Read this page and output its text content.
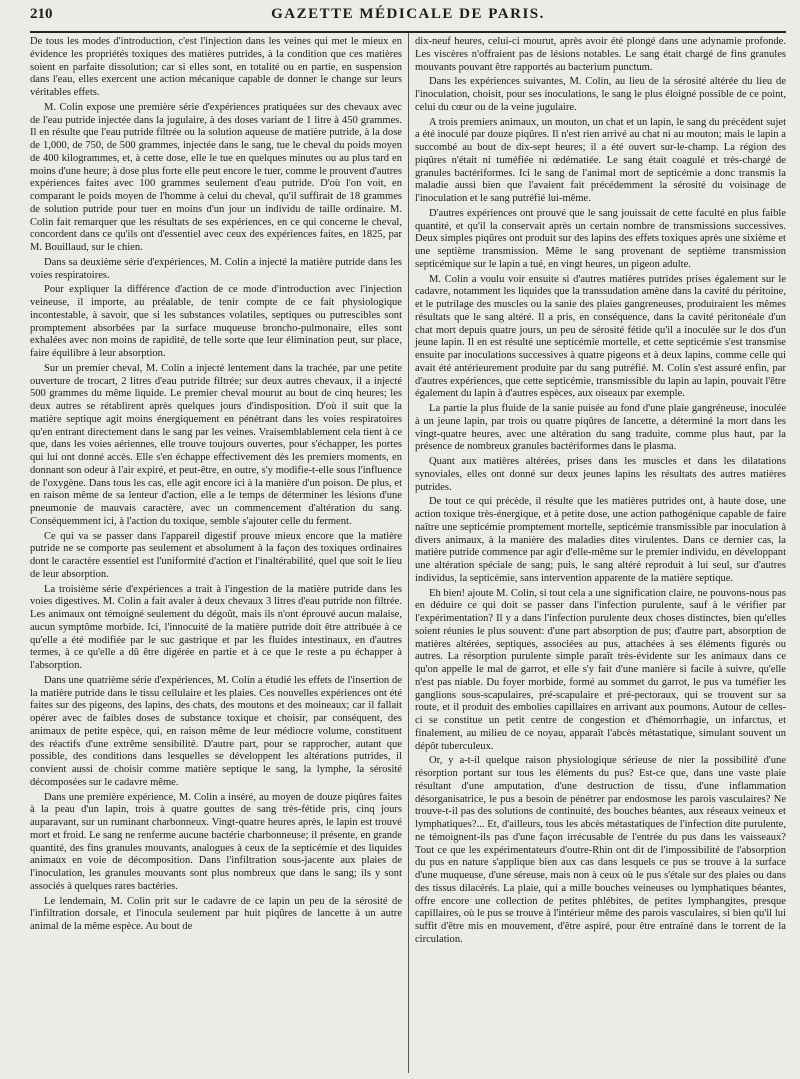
210	GAZETTE MÉDICALE DE PARIS.

De tous les modes d'introduction, c'est l'injection dans les veines qui met le mieux en évidence les propriétés toxiques des matières putrides, à la condition que ces matières soient en parfaite dissolution; car si elles sont, en totalité ou en partie, en suspension dans l'eau, elles exercent une action mécanique capable de donner le change sur leurs véritables effets.

M. Colin expose une première série d'expériences pratiquées sur des chevaux avec de l'eau putride injectée dans la jugulaire, à des doses variant de 1 litre à 450 grammes. Il en résulte que l'eau putride filtrée ou la solution aqueuse de matière putride, à la dose de 1,000, de 750, de 500 grammes, injectée dans le sang, tue le cheval du poids moyen de 400 kilogrammes, et, à cette dose, elle le tue en quelques minutes ou au plus tard en moins d'une heure; à dose plus forte elle peut encore le tuer, comme le prouvent d'autres expériences faites avec 100 grammes seulement d'eau putride. D'où l'on voit, en comparant le poids moyen de l'homme à celui du cheval, qu'il suffirait de 18 grammes de solution putride pour tuer en moins d'un jour un individu de taille ordinaire. M. Colin fait remarquer que les résultats de ses expériences, en ce qui concerne le cheval, concordent dans ce qu'ils ont d'essentiel avec ceux des expériences faites, en 1825, par M. Bouillaud, sur le chien.

Dans sa deuxième série d'expériences, M. Colin a injecté la matière putride dans les voies respiratoires.

Pour expliquer la différence d'action de ce mode d'introduction avec l'injection veineuse, il importe, au préalable, de tenir compte de ce fait physiologique incontestable, à savoir, que si les substances volatiles, septiques ou putrescibles sont promptement absorbées par la surface muqueuse broncho-pulmonaire, elles sont exhalées avec non moins de rapidité, de telle sorte que leur élimination peut, sur place, faire équilibre à leur absorption.

Sur un premier cheval, M. Colin a injecté lentement dans la trachée, par une petite ouverture de trocart, 2 litres d'eau putride filtrée; sur deux autres chevaux, il a injecté 500 grammes du même liquide. Le premier cheval mourut au bout de cinq heures; les deux autres se rétablirent après quelques jours d'indisposition. D'où il suit que la matière septique agit moins énergiquement en pénétrant dans les voies respiratoires qu'en entrant directement dans le sang par les veines. Vraisemblablement cela tient à ce que, dans les voies aériennes, elle trouve toujours ouvertes, pour s'échapper, les portes qui lui ont donné accès. Elle s'en échappe effectivement dès les premiers moments, en donnant son odeur à l'air expiré, et peut-être, en outre, s'y modifie-t-elle sous l'influence de l'oxygène. Dans tous les cas, elle agit encore ici à la manière d'un poison. De plus, et en raison même de sa lenteur d'action, elle a le temps de déterminer les lésions d'une pneumonie de mauvais caractère, avec un commencement d'altération du sang. Conséquemment ici, à l'action du toxique, semble s'ajouter celle du ferment.

Ce qui va se passer dans l'appareil digestif prouve mieux encore que la matière putride ne se comporte pas seulement et absolument à la façon des toxiques ordinaires dont le caractère essentiel est l'uniformité d'action et l'inaltérabilité, quel que soit le lieu de leur absorption.

La troisième série d'expériences a trait à l'ingestion de la matière putride dans les voies digestives. M. Colin a fait avaler à deux chevaux 3 litres d'eau putride non filtrée. Les animaux ont témoigné seulement du dégoût, mais ils n'ont éprouvé aucun malaise, aucun symptôme morbide. Ici, l'innocuité de la matière putride doit être attribuée à ce qu'elle a été modifiée par le suc gastrique et par les fluides intestinaux, en d'autres termes, à ce qu'elle a dû être digérée en partie et à ce que le reste a pu échapper à l'absorption.

Dans une quatrième série d'expériences, M. Colin a étudié les effets de l'insertion de la matière putride dans le tissu cellulaire et les plaies. Ces nouvelles expériences ont été faites sur des pigeons, des lapins, des chats, des moutons et des moineaux; car il fallait opérer avec de faibles doses de substance toxique et choisir, par conséquent, des animaux de petite espèce, qui, en raison même de leur médiocre volume, constituent des réactifs d'une extrême sensibilité. D'autre part, pour se rapprocher, autant que possible, des conditions dans lesquelles se développent les altérations putrides, il convient aussi de choisir comme matière septique le sang, la lymphe, la sérosité décomposées sur le cadavre même.

Dans une première expérience, M. Colin a inséré, au moyen de douze piqûres faites à la peau d'un lapin, trois à quatre gouttes de sang très-fétide pris, cinq jours auparavant, sur un ruminant charbonneux. Vingt-quatre heures après, le lapin est trouvé mort et froid. Le sang ne renferme aucune bactérie charbonneuse; il présente, en grande quantité, des fins granules mouvants, analogues à ceux de la septicémie et des liquides animaux en voie de décomposition. Dans l'infiltration sous-jacente aux plaies de l'inoculation, les granules mouvants sont plus nombreux que dans le sang; ils y sont associés à quelques rares bactéries.

Le lendemain, M. Colin prit sur le cadavre de ce lapin un peu de la sérosité de l'infiltration dorsale, et l'inocula seulement par huit piqûres de lancette à un autre animal de la même espèce. Au bout de

dix-neuf heures, celui-ci mourut, après avoir été plongé dans une adynamie profonde. Les viscères n'offraient pas de lésions notables. Le sang était chargé de fins granules mouvants pouvant être rapportés au bacterium punctum.

Dans les expériences suivantes, M. Colin, au lieu de la sérosité altérée du lieu de l'inoculation, choisit, pour ses inoculations, le sang le plus éloigné possible de ce point, celui du cœur ou de la veine jugulaire.

A trois premiers animaux, un mouton, un chat et un lapin, le sang du précédent sujet a été inoculé par douze piqûres. Il n'est rien arrivé au chat ni au mouton; mais le lapin a succombé au bout de dix-sept heures; il a été ouvert sur-le-champ. La région des piqûres n'était ni tuméfiée ni œdématiée. Le sang était coagulé et très-chargé de granules bactériformes. Ici le sang de l'animal mort de septicémie a donc transmis la maladie aussi bien que l'avaient fait précédemment la sérosité du voisinage de l'inoculation et le sang putréfié lui-même.

D'autres expériences ont prouvé que le sang jouissait de cette faculté en plus faible quantité, et qu'il la conservait après un certain nombre de transmissions successives. Deux simples piqûres ont produit sur des lapins des effets toxiques après une sixième et une septième transmission. Même le sang provenant de septième transmission septicémique sur le lapin a tué, en vingt heures, un pigeon adulte.

M. Colin a voulu voir ensuite si d'autres matières putrides prises également sur le cadavre, notamment les liquides que la transsudation amène dans la cavité du péritoine, et le putrilage des muscles ou la sanie des plaies gangreneuses, produiraient les mêmes résultats que le sang altéré. Il a pris, en conséquence, dans la cavité péritonéale d'un chat mort depuis quatre jours, un peu de sérosité fétide qu'il a inoculée sur le dos d'un jeune lapin. Il en est résulté une septicémie mortelle, et cette septicémie s'est transmise ensuite par inoculations successives à quatre pigeons et à deux lapins, comme celle qui avait été antérieurement produite par du sang putréfié. M. Colin s'est assuré enfin, par d'autres expériences, que cette septicémie, transmissible du lapin au lapin, pouvait l'être également du lapin à d'autres espèces, aux oiseaux par exemple.

La partie la plus fluide de la sanie puisée au fond d'une plaie gangréneuse, inoculée à un jeune lapin, par trois ou quatre piqûres de lancette, a déterminé la mort dans les vingt-quatre heures, avec une altération du sang traduite, comme plus haut, par la présence de nombreux granules bactériformes dans le plasma.

Quant aux matières altérées, prises dans les muscles et dans les dilatations synoviales, elles ont donné sur deux jeunes lapins les résultats des autres matières putrides.

De tout ce qui précède, il résulte que les matières putrides ont, à haute dose, une action toxique très-énergique, et à petite dose, une action pathogénique capable de faire naître une septicémie promptement mortelle, septicémie transmissible par inoculation à divers animaux, à la manière des maladies dites virulentes. Dans ce dernier cas, la matière putride commence par agir d'elle-même sur le premier individu, en développant une altération spéciale de sang; puis, le sang altéré reproduit à lui seul, sur d'autres individus, la septicémie, sans intervention apparente de la matière septique.

Eh bien! ajoute M. Colin, si tout cela a une signification claire, ne pouvons-nous pas en déduire ce qui doit se passer dans l'infection purulente, sauf à le vérifier par l'expérimentation? Il y a dans l'infection purulente deux choses distinctes, bien qu'elles soient réunies le plus souvent: d'une part absorption de pus; d'autre part, absorption de matières altérées, septiques, associées au pus, attachées à ses éléments figurés ou autres. La résorption purulente simple paraît très-évidente sur les animaux dans ce qu'on appelle le mal de garrot, et elle s'y fait d'une manière si facile à suivre, qu'elle n'est pas niable. Du foyer morbide, formé au sommet du garrot, le pus va tuméfier les ganglions sous-scapulaires, pré-scapulaire et pré-pectoraux, qui se trouvent sur sa route, et il produit des embolies capillaires en arrivant aux poumons. Autour de celles-ci se constitue un petit centre de congestion et d'hémorrhagie, un infarctus, et finalement, au milieu de ce noyau, apparaît l'abcès métastatique, simulant souvent un dépôt tuberculeux.

Or, y a-t-il quelque raison physiologique sérieuse de nier la possibilité d'une résorption portant sur tous les éléments du pus? Est-ce que, dans une vaste plaie résultant d'une amputation, d'une destruction de tissu, d'une inflammation désorganisatrice, le pus a besoin de pénétrer par endosmose les parois vasculaires? Ne trouve-t-il pas des solutions de continuité, des bouches béantes, aux réseaux veineux et lymphatiques?... Et, d'ailleurs, tous les abcès métastatiques de l'infection dite purulente, ne témoignent-ils pas d'une façon irrécusable de l'entrée du pus dans les vaisseaux? Tout ce que les expérimentateurs d'outre-Rhin ont dit de l'impossibilité de l'absorption du pus en nature s'applique bien aux cas dans lesquels ce pus se trouve à la surface d'une muqueuse, d'une séreuse, mais non à ceux où le pus s'étale sur des plaies ou dans des tissus dilacérés. La plaie, qui a mille bouches veineuses ou lymphatiques béantes, offre encore une collection de petites phlébites, de petites lymphangites, presque capillaires, où le pus se trouve à l'intérieur même des parois vasculaires, si bien qu'il lui suffit d'être mis en mouvement, d'être aspiré, pour être entraîné dans le torrent de la circulation.
